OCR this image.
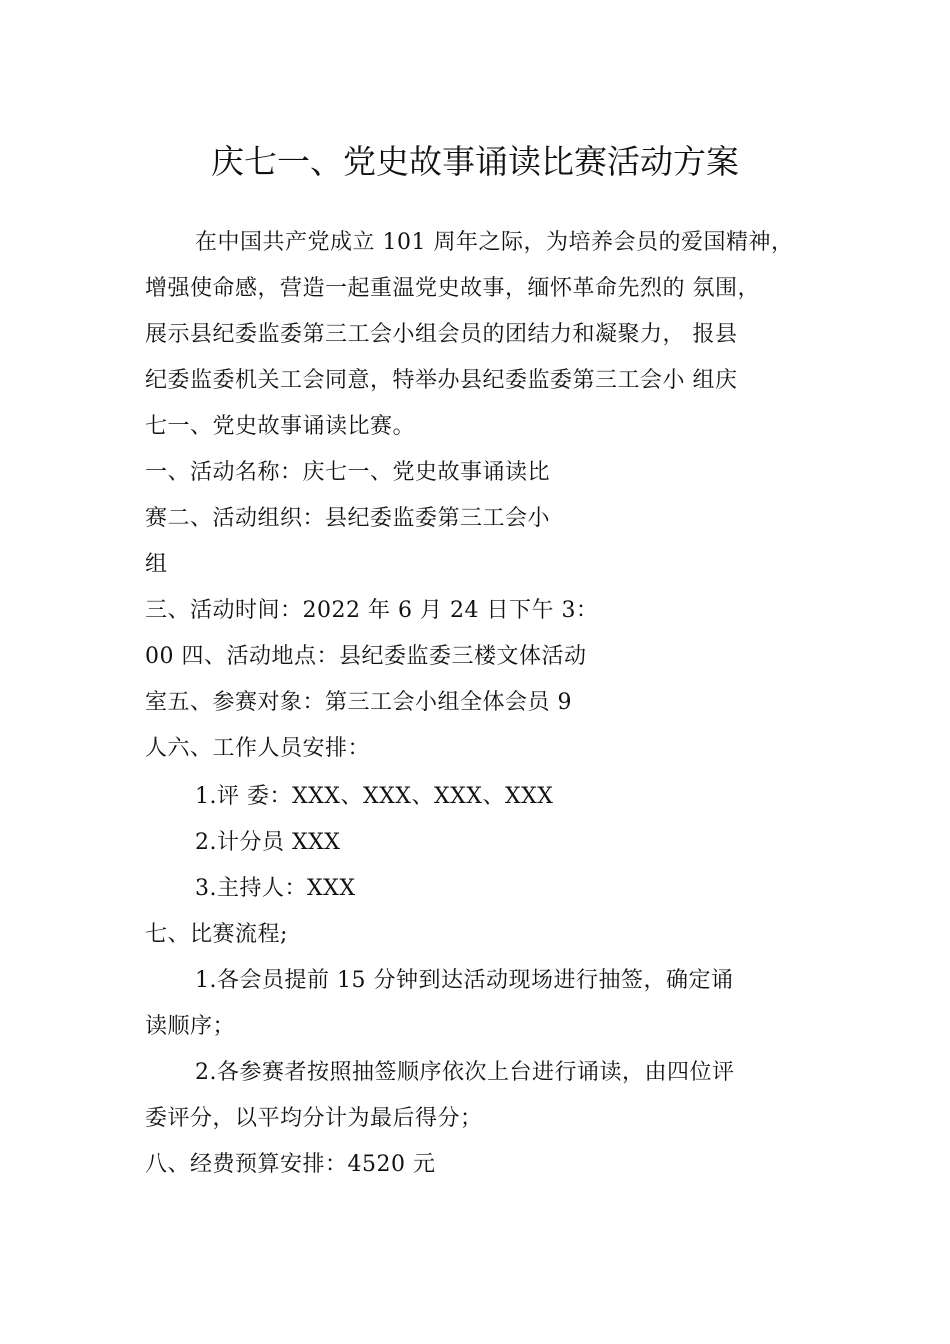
庆七一、党史故事诵读比赛活动方案
在中国共产党成立 101 周年之际，为培养会员的爱国精神，
增强使命感，营造一起重温党史故事，缅怀革命先烈的 氛围，
展示县纪委监委第三工会小组会员的团结力和凝聚力， 报县
纪委监委机关工会同意，特举办县纪委监委第三工会小 组庆
七一、党史故事诵读比赛。
一、活动名称：庆七一、党史故事诵读比
赛二、活动组织：县纪委监委第三工会小
组
三、活动时间：2022 年 6 月 24 日下午 3：
00 四、活动地点：县纪委监委三楼文体活动
室五、参赛对象：第三工会小组全体会员 9
人六、工作人员安排：
1.评 委：XXX、XXX、XXX、XXX
2.计分员 XXX
3.主持人：XXX
七、比赛流程;
1.各会员提前 15 分钟到达活动现场进行抽签，确定诵
读顺序；
2.各参赛者按照抽签顺序依次上台进行诵读，由四位评
委评分，以平均分计为最后得分；
八、经费预算安排：4520 元
